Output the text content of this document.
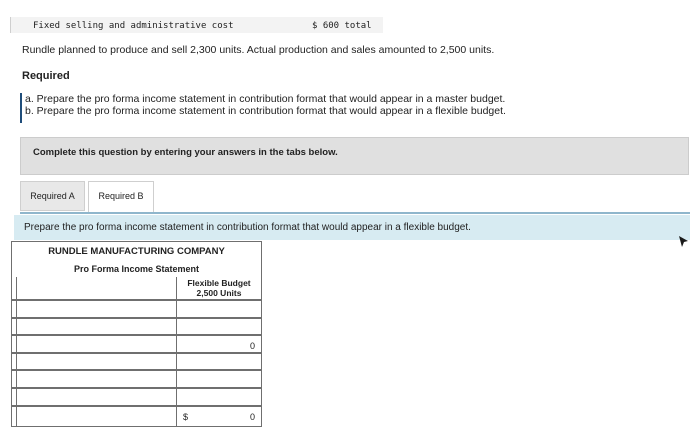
Fixed selling and administrative cost	$ 600 total
Rundle planned to produce and sell 2,300 units. Actual production and sales amounted to 2,500 units.
Required
a. Prepare the pro forma income statement in contribution format that would appear in a master budget.
b. Prepare the pro forma income statement in contribution format that would appear in a flexible budget.
Complete this question by entering your answers in the tabs below.
Required A	Required B
Prepare the pro forma income statement in contribution format that would appear in a flexible budget.
RUNDLE MANUFACTURING COMPANY
Pro Forma Income Statement
Flexible Budget
2,500 Units
0
$	0
